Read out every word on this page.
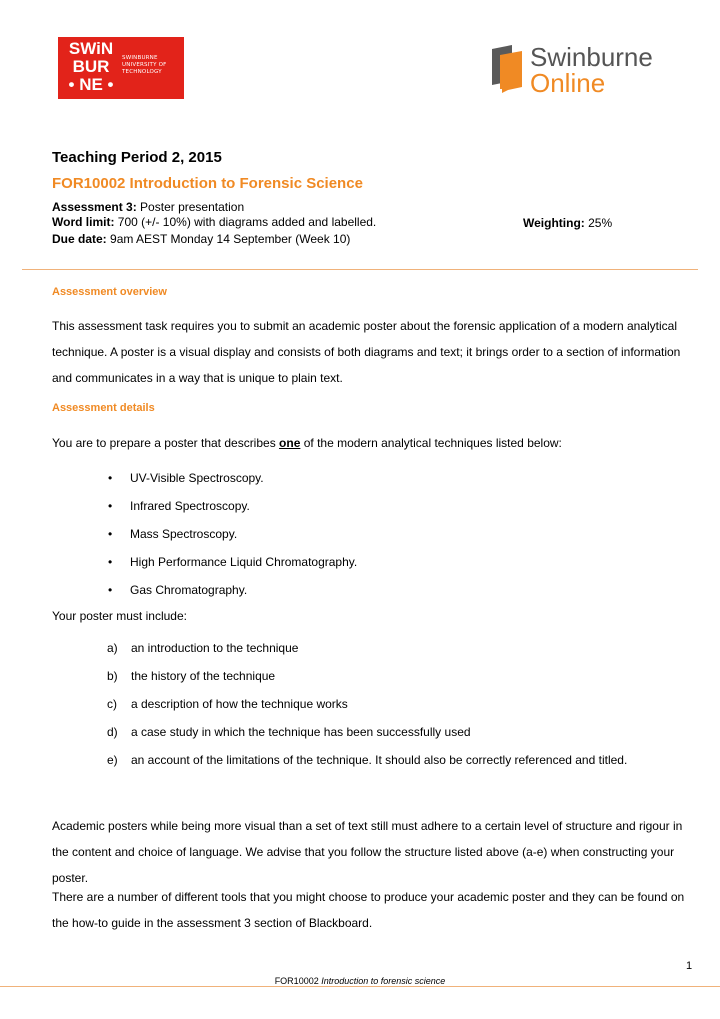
SWiN
BUR
• NE •
SWINBURNE
UNIVERSITY OF
TECHNOLOGY	Swinburne
Online
Teaching Period 2, 2015
FOR10002 Introduction to Forensic Science
Assessment 3: Poster presentation
Word limit: 700 (+/- 10%) with diagrams added and labelled.	Weighting: 25%
Due date: 9am AEST Monday 14 September (Week 10)
Assessment overview
This assessment task requires you to submit an academic poster about the forensic application of a modern analytical technique. A poster is a visual display and consists of both diagrams and text; it brings order to a section of information and communicates in a way that is unique to plain text.
Assessment details
You are to prepare a poster that describes one of the modern analytical techniques listed below:
• UV-Visible Spectroscopy.
• Infrared Spectroscopy.
• Mass Spectroscopy.
• High Performance Liquid Chromatography.
• Gas Chromatography.
Your poster must include:
a) an introduction to the technique
b) the history of the technique
c) a description of how the technique works
d) a case study in which the technique has been successfully used
e) an account of the limitations of the technique. It should also be correctly referenced and titled.
Academic posters while being more visual than a set of text still must adhere to a certain level of structure and rigour in the content and choice of language. We advise that you follow the structure listed above (a-e) when constructing your poster.
There are a number of different tools that you might choose to produce your academic poster and they can be found on the how-to guide in the assessment 3 section of Blackboard.
1
FOR10002 Introduction to forensic science
